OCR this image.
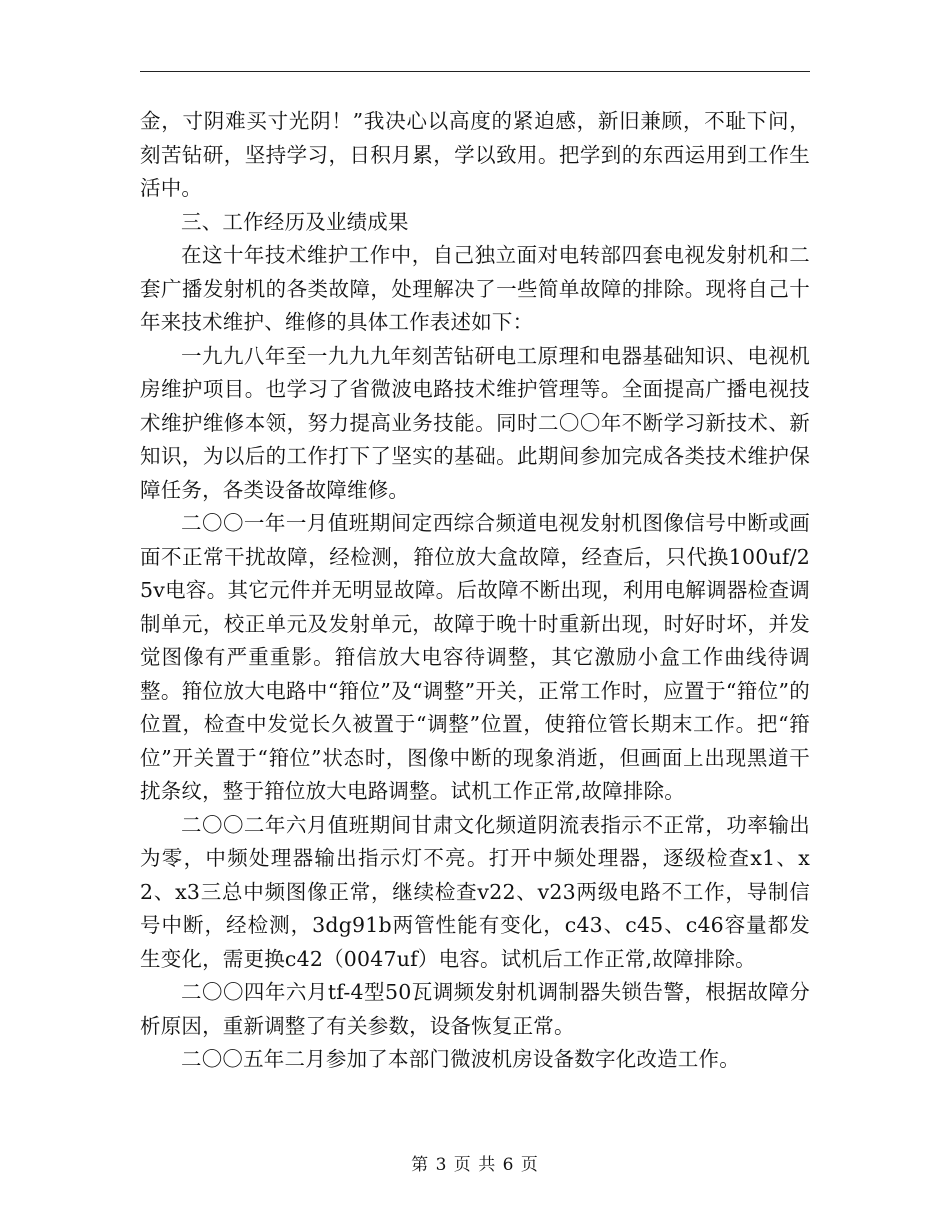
金，寸阴难买寸光阴！”我决心以高度的紧迫感，新旧兼顾，不耻下问，刻苦钻研，坚持学习，日积月累，学以致用。把学到的东西运用到工作生活中。

三、工作经历及业绩成果

在这十年技术维护工作中，自己独立面对电转部四套电视发射机和二套广播发射机的各类故障，处理解决了一些简单故障的排除。现将自己十年来技术维护、维修的具体工作表述如下：

一九九八年至一九九九年刻苦钻研电工原理和电器基础知识、电视机房维护项目。也学习了省微波电路技术维护管理等。全面提高广播电视技术维护维修本领，努力提高业务技能。同时二〇〇年不断学习新技术、新知识，为以后的工作打下了坚实的基础。此期间参加完成各类技术维护保障任务，各类设备故障维修。

二〇〇一年一月值班期间定西综合频道电视发射机图像信号中断或画面不正常干扰故障，经检测，箝位放大盒故障，经查后，只代换100uf/25v电容。其它元件并无明显故障。后故障不断出现，利用电解调器检查调制单元，校正单元及发射单元，故障于晚十时重新出现，时好时坏，并发觉图像有严重重影。箝信放大电容待调整，其它激励小盒工作曲线待调整。箝位放大电路中“箝位”及“调整”开关，正常工作时，应置于“箝位”的位置，检查中发觉长久被置于“调整”位置，使箝位管长期末工作。把“箝位”开关置于“箝位”状态时，图像中断的现象消逝，但画面上出现黑道干扰条纹，整于箝位放大电路调整。试机工作正常,故障排除。

二〇〇二年六月值班期间甘肃文化频道阴流表指示不正常，功率输出为零，中频处理器输出指示灯不亮。打开中频处理器，逐级检查x1、x2、x3三总中频图像正常，继续检查v22、v23两级电路不工作，导制信号中断，经检测，3dg91b两管性能有变化，c43、c45、c46容量都发生变化，需更换c42（0047uf）电容。试机后工作正常,故障排除。

二〇〇四年六月tf-4型50瓦调频发射机调制器失锁告警，根据故障分析原因，重新调整了有关参数，设备恢复正常。

二〇〇五年二月参加了本部门微波机房设备数字化改造工作。

第 3 页 共 6 页
